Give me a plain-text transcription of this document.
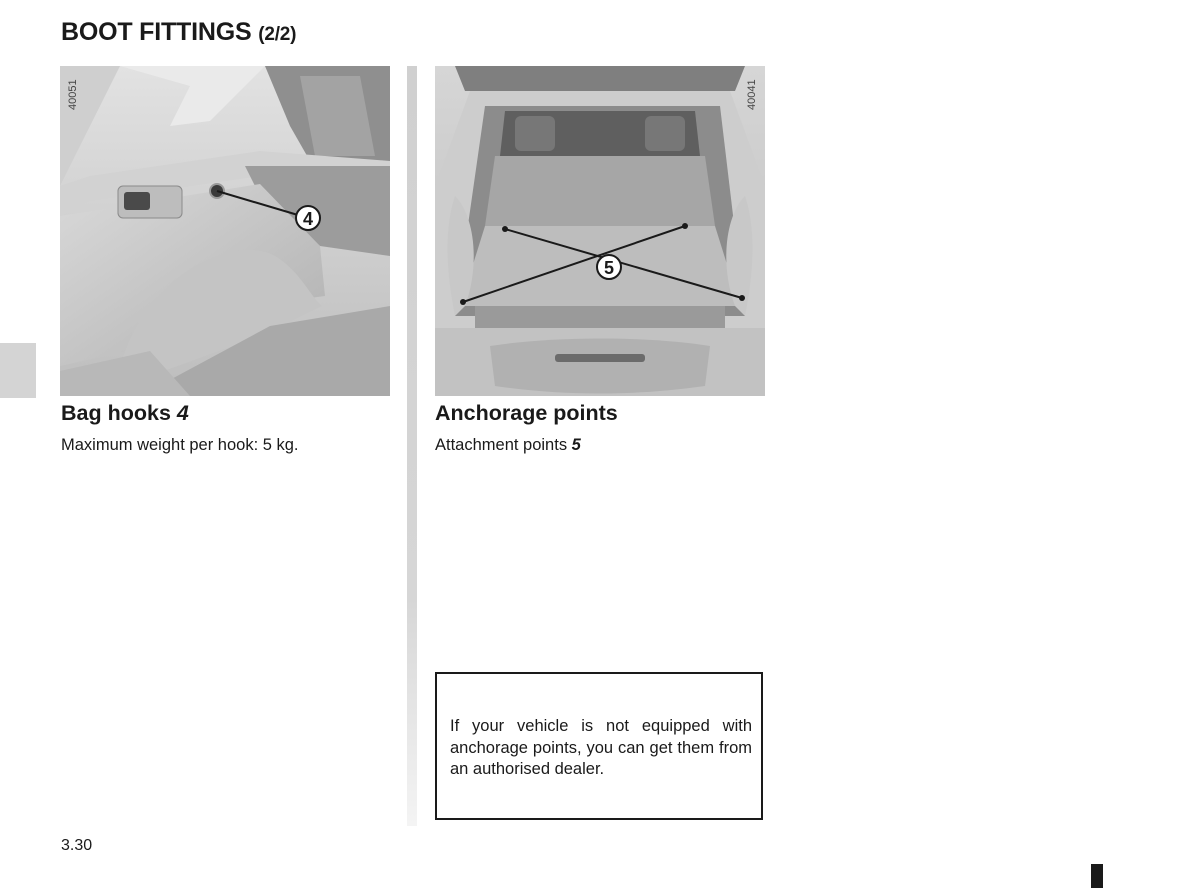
BOOT FITTINGS (2/2)
4
40051
5
40041
Bag hooks 4

Maximum weight per hook: 5 kg.

Anchorage points

Attachment points 5

If your vehicle is not equipped with anchorage points, you can get them from an authorised dealer.

3.30
